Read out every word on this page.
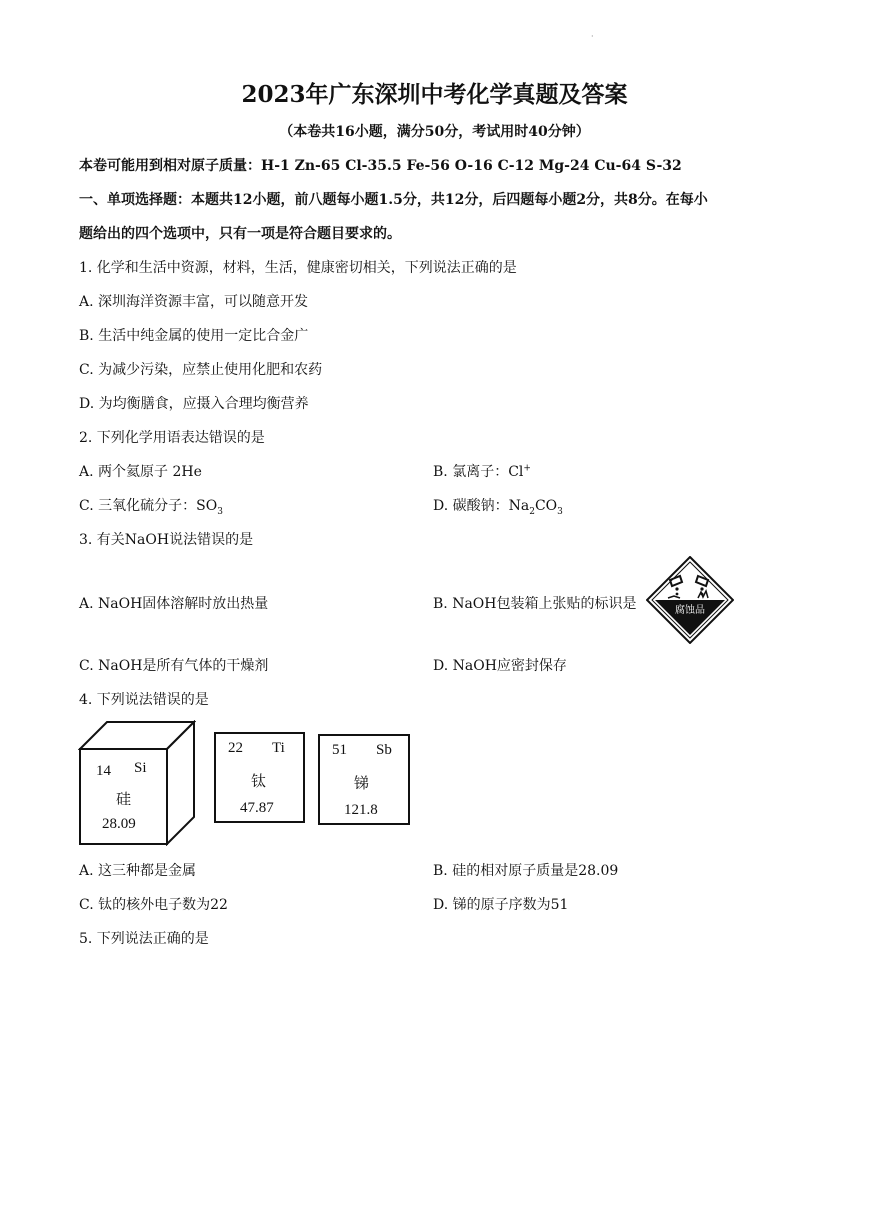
·
2023年广东深圳中考化学真题及答案
（本卷共16小题，满分50分，考试用时40分钟）
本卷可能用到相对原子质量：H-1 Zn-65 Cl-35.5 Fe-56 O-16 C-12 Mg-24 Cu-64 S-32
一、单项选择题：本题共12小题，前八题每小题1.5分，共12分，后四题每小题2分，共8分。在每小
题给出的四个选项中，只有一项是符合题目要求的。
1. 化学和生活中资源，材料，生活，健康密切相关，下列说法正确的是
A. 深圳海洋资源丰富，可以随意开发
B. 生活中纯金属的使用一定比合金广
C. 为减少污染，应禁止使用化肥和农药
D. 为均衡膳食，应摄入合理均衡营养
2. 下列化学用语表达错误的是
A. 两个氦原子 2He	B. 氯离子：Cl+
C. 三氧化硫分子：$SO_3$	D. 碳酸钠：$Na_2CO_3$
3. 有关NaOH说法错误的是
A. NaOH固体溶解时放出热量	B. NaOH包装箱上张贴的标识是	腐蚀品
C. NaOH是所有气体的干燥剂	D. NaOH应密封保存
4. 下列说法错误的是
14 Si
硅
28.09
22 Ti
钛
47.87
51 Sb
锑
121.8
A. 这三种都是金属	B. 硅的相对原子质量是28.09
C. 钛的核外电子数为22	D. 锑的原子序数为51
5. 下列说法正确的是
